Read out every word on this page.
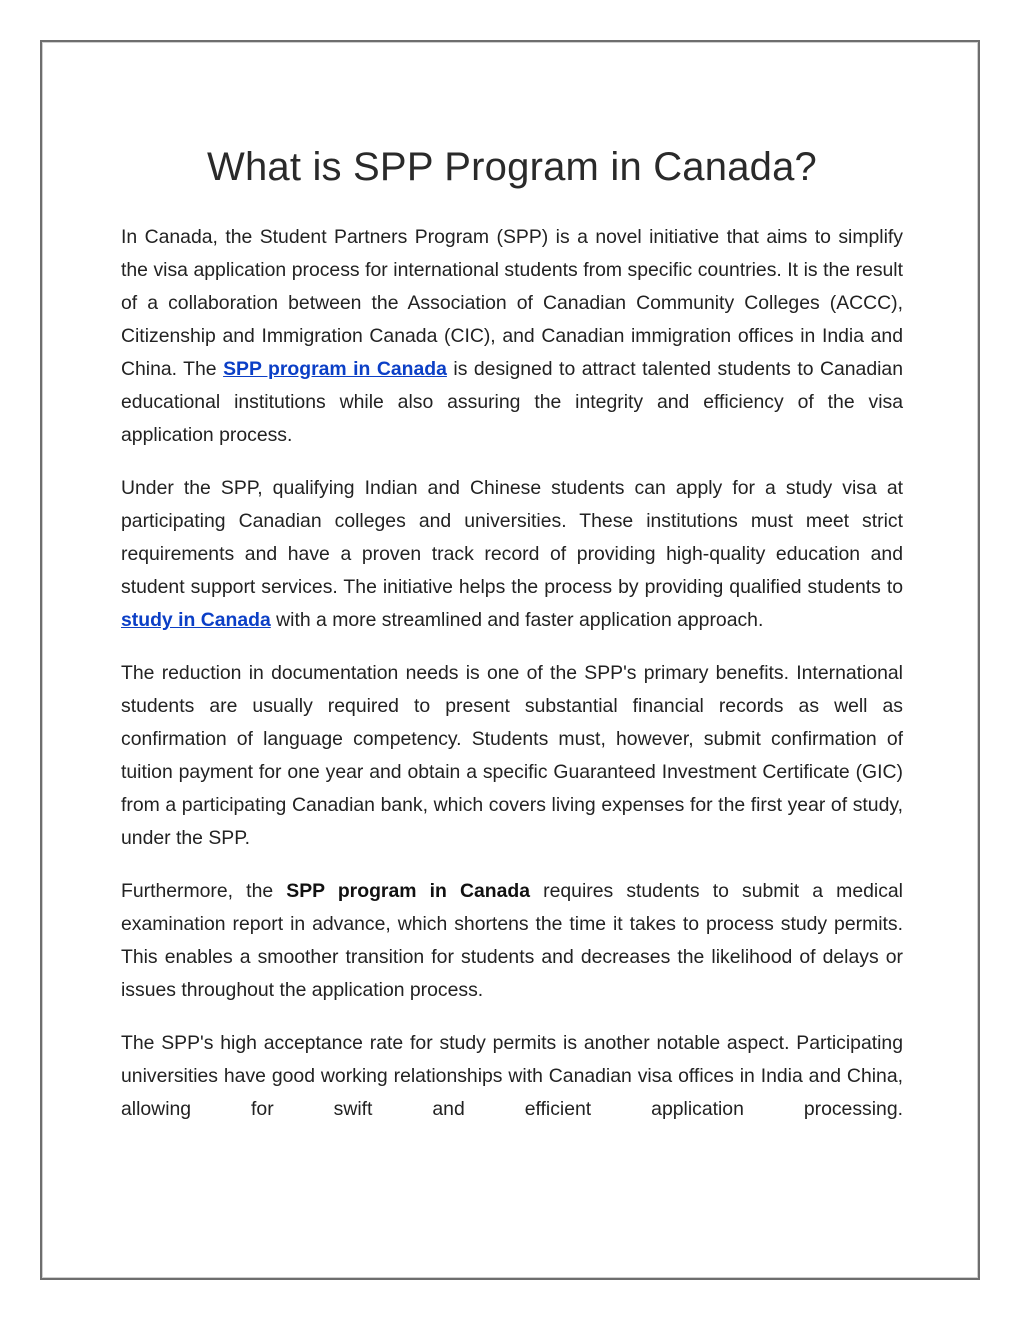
What is SPP Program in Canada?

In Canada, the Student Partners Program (SPP) is a novel initiative that aims to simplify the visa application process for international students from specific countries. It is the result of a collaboration between the Association of Canadian Community Colleges (ACCC), Citizenship and Immigration Canada (CIC), and Canadian immigration offices in India and China. The SPP program in Canada is designed to attract talented students to Canadian educational institutions while also assuring the integrity and efficiency of the visa application process.

Under the SPP, qualifying Indian and Chinese students can apply for a study visa at participating Canadian colleges and universities. These institutions must meet strict requirements and have a proven track record of providing high-quality education and student support services. The initiative helps the process by providing qualified students to study in Canada with a more streamlined and faster application approach.

The reduction in documentation needs is one of the SPP's primary benefits. International students are usually required to present substantial financial records as well as confirmation of language competency. Students must, however, submit confirmation of tuition payment for one year and obtain a specific Guaranteed Investment Certificate (GIC) from a participating Canadian bank, which covers living expenses for the first year of study, under the SPP.

Furthermore, the SPP program in Canada requires students to submit a medical examination report in advance, which shortens the time it takes to process study permits. This enables a smoother transition for students and decreases the likelihood of delays or issues throughout the application process.

The SPP's high acceptance rate for study permits is another notable aspect. Participating universities have good working relationships with Canadian visa offices in India and China, allowing for swift and efficient application processing.
